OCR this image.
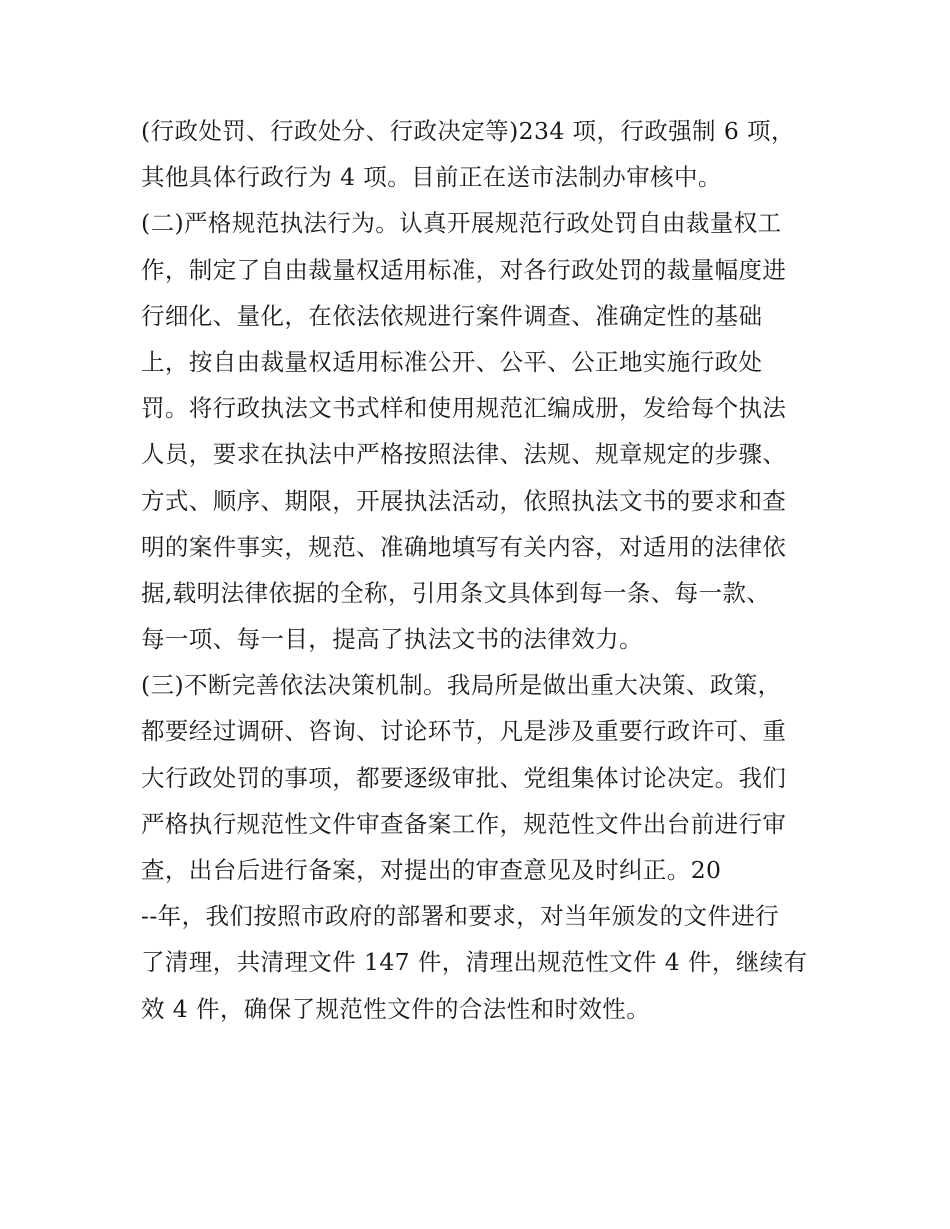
(行政处罚、行政处分、行政决定等)234 项，行政强制 6 项，
其他具体行政行为 4 项。目前正在送市法制办审核中。
(二)严格规范执法行为。认真开展规范行政处罚自由裁量权工
作，制定了自由裁量权适用标准，对各行政处罚的裁量幅度进
行细化、量化，在依法依规进行案件调查、准确定性的基础
上，按自由裁量权适用标准公开、公平、公正地实施行政处
罚。将行政执法文书式样和使用规范汇编成册，发给每个执法
人员，要求在执法中严格按照法律、法规、规章规定的步骤、
方式、顺序、期限，开展执法活动，依照执法文书的要求和查
明的案件事实，规范、准确地填写有关内容，对适用的法律依
据,载明法律依据的全称，引用条文具体到每一条、每一款、
每一项、每一目，提高了执法文书的法律效力。
(三)不断完善依法决策机制。我局所是做出重大决策、政策，
都要经过调研、咨询、讨论环节，凡是涉及重要行政许可、重
大行政处罚的事项，都要逐级审批、党组集体讨论决定。我们
严格执行规范性文件审查备案工作，规范性文件出台前进行审
查，出台后进行备案，对提出的审查意见及时纠正。20
--年，我们按照市政府的部署和要求，对当年颁发的文件进行
了清理，共清理文件 147 件，清理出规范性文件 4 件，继续有
效 4 件，确保了规范性文件的合法性和时效性。
